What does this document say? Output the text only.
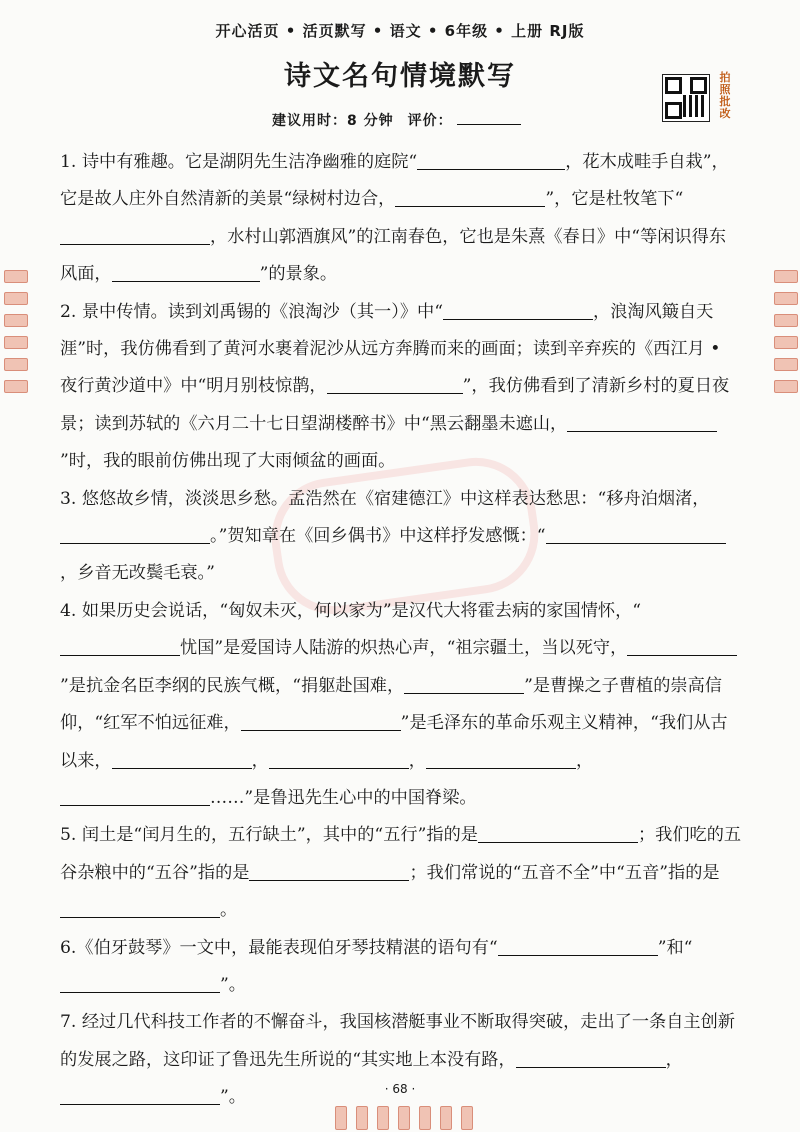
开心活页 • 活页默写 • 语文 • 6年级 • 上册 RJ版
诗文名句情境默写
建议用时：8 分钟 评价：
拍照批改

1. 诗中有雅趣。它是湖阴先生洁净幽雅的庭院“	，花木成畦手自栽”，它是故人庄外自然清新的美景“绿树村边合，	”，它是杜牧笔下“，水村山郭酒旗风”的江南春色，它也是朱熹《春日》中“等闲识得东风面，	”的景象。

2. 景中传情。读到刘禹锡的《浪淘沙（其一）》中“	，浪淘风簸自天涯”时，我仿佛看到了黄河水裹着泥沙从远方奔腾而来的画面；读到辛弃疾的《西江月 • 夜行黄沙道中》中“明月别枝惊鹊，	”，我仿佛看到了清新乡村的夏日夜景；读到苏轼的《六月二十七日望湖楼醉书》中“黑云翻墨未遮山，”时，我的眼前仿佛出现了大雨倾盆的画面。

3. 悠悠故乡情，淡淡思乡愁。孟浩然在《宿建德江》中这样表达愁思：“移舟泊烟渚，。”贺知章在《回乡偶书》中这样抒发感慨：“，乡音无改鬓毛衰。”

4. 如果历史会说话，“匈奴未灭，何以家为”是汉代大将霍去病的家国情怀，“忧国”是爱国诗人陆游的炽热心声，“祖宗疆土，当以死守，”是抗金名臣李纲的民族气概，“捐躯赴国难，	”是曹操之子曹植的崇高信仰，“红军不怕远征难，	”是毛泽东的革命乐观主义精神，“我们从古以来，	，	，	，……”是鲁迅先生心中的中国脊梁。

5. 闰土是“闰月生的，五行缺土”，其中的“五行”指的是	；我们吃的五谷杂粮中的“五谷”指的是	；我们常说的“五音不全”中“五音”指的是。

6.《伯牙鼓琴》一文中，最能表现伯牙琴技精湛的语句有“	”和“”。

7. 经过几代科技工作者的不懈奋斗，我国核潜艇事业不断取得突破，走出了一条自主创新的发展之路，这印证了鲁迅先生所说的“其实地上本没有路，	，”。	· 68 ·
